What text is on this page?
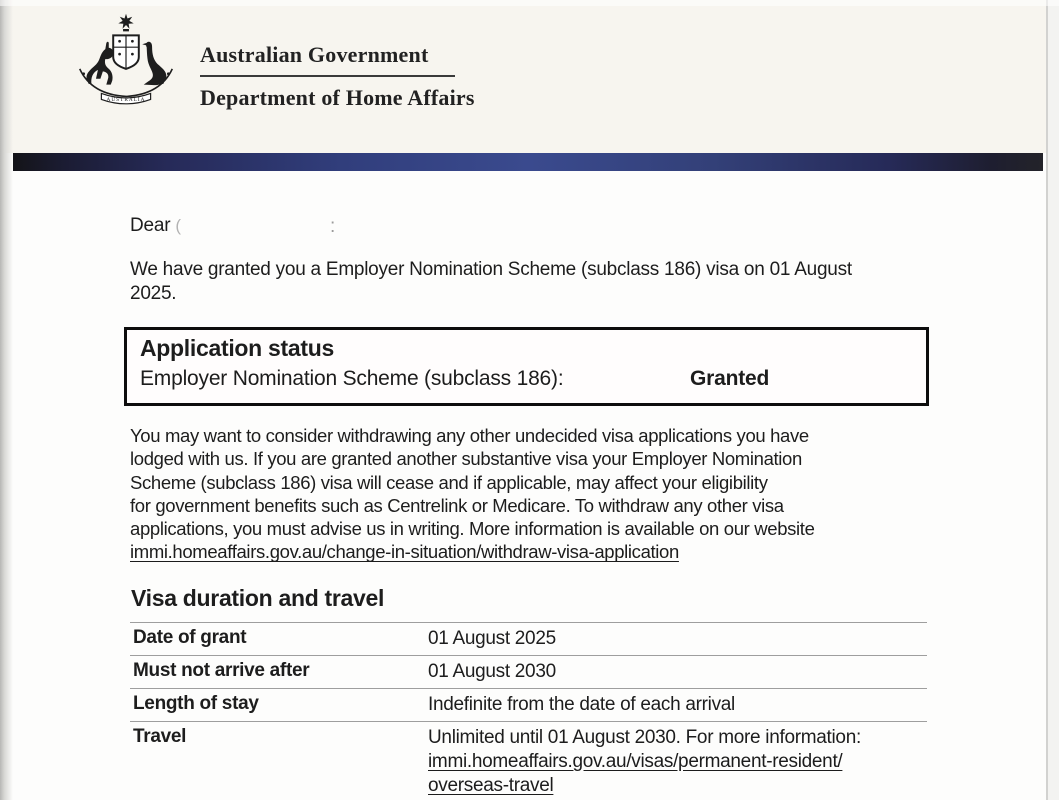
AUSTRALIA
Australian Government
Department of Home Affairs
Dear (	:
We have granted you a Employer Nomination Scheme (subclass 186) visa on 01 August
2025.
Application status
Employer Nomination Scheme (subclass 186):	Granted
You may want to consider withdrawing any other undecided visa applications you have
lodged with us. If you are granted another substantive visa your Employer Nomination
Scheme (subclass 186) visa will cease and if applicable, may affect your eligibility
for government benefits such as Centrelink or Medicare. To withdraw any other visa
applications, you must advise us in writing. More information is available on our website
immi.homeaffairs.gov.au/change-in-situation/withdraw-visa-application
Visa duration and travel
Date of grant	01 August 2025
Must not arrive after	01 August 2030
Length of stay	Indefinite from the date of each arrival
Travel	Unlimited until 01 August 2030. For more information:
immi.homeaffairs.gov.au/visas/permanent-resident/
overseas-travel
